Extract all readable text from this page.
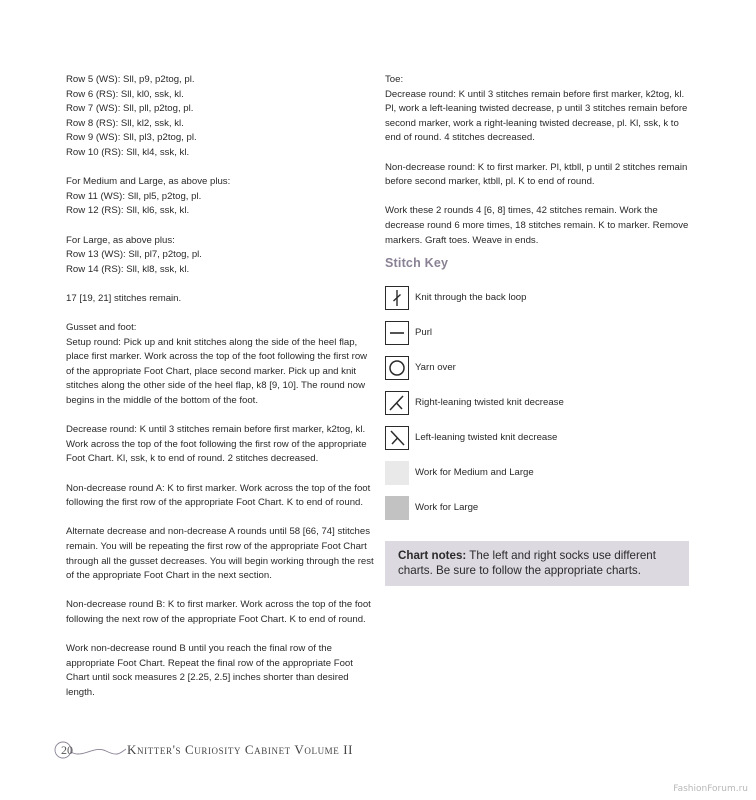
Row 5 (WS): Sll, p9, p2tog, pl.
Row 6 (RS): Sll, kl0, ssk, kl.
Row 7 (WS): Sll, pll, p2tog, pl.
Row 8 (RS): Sll, kl2, ssk, kl.
Row 9 (WS): Sll, pl3, p2tog, pl.
Row 10 (RS): Sll, kl4, ssk, kl.

For Medium and Large, as above plus:
Row 11 (WS): Sll, pl5, p2tog, pl.
Row 12 (RS): Sll, kl6, ssk, kl.

For Large, as above plus:
Row 13 (WS): Sll, pl7, p2tog, pl.
Row 14 (RS): Sll, kl8, ssk, kl.

17 [19, 21] stitches remain.

Gusset and foot:
Setup round: Pick up and knit stitches along the side of the heel flap, place first marker. Work across the top of the foot following the first row of the appropriate Foot Chart, place second marker. Pick up and knit stitches along the other side of the heel flap, k8 [9, 10]. The round now begins in the middle of the bottom of the foot.

Decrease round: K until 3 stitches remain before first marker, k2tog, kl. Work across the top of the foot following the first row of the appropriate Foot Chart. Kl, ssk, k to end of round. 2 stitches decreased.

Non-decrease round A: K to first marker. Work across the top of the foot following the first row of the appropriate Foot Chart. K to end of round.

Alternate decrease and non-decrease A rounds until 58 [66, 74] stitches remain. You will be repeating the first row of the appropriate Foot Chart through all the gusset decreases. You will begin working through the rest of the appropriate Foot Chart in the next section.

Non-decrease round B: K to first marker. Work across the top of the foot following the next row of the appropriate Foot Chart. K to end of round.

Work non-decrease round B until you reach the final row of the appropriate Foot Chart. Repeat the final row of the appropriate Foot Chart until sock measures 2 [2.25, 2.5] inches shorter than desired length.

Toe:
Decrease round: K until 3 stitches remain before first marker, k2tog, kl. Pl, work a left-leaning twisted decrease, p until 3 stitches remain before second marker, work a right-leaning twisted decrease, pl. Kl, ssk, k to end of round. 4 stitches decreased.

Non-decrease round: K to first marker. Pl, ktbll, p until 2 stitches remain before second marker, ktbll, pl. K to end of round.

Work these 2 rounds 4 [6, 8] times, 42 stitches remain. Work the decrease round 6 more times, 18 stitches remain. K to marker. Remove markers. Graft toes. Weave in ends.

Stitch Key
Knit through the back loop
Purl
Yarn over
Right-leaning twisted knit decrease
Left-leaning twisted knit decrease
Work for Medium and Large
Work for Large
Chart notes: The left and right socks use different charts. Be sure to follow the appropriate charts.
20	Knitter's Curiosity Cabinet Volume II
FashionForum.ru
